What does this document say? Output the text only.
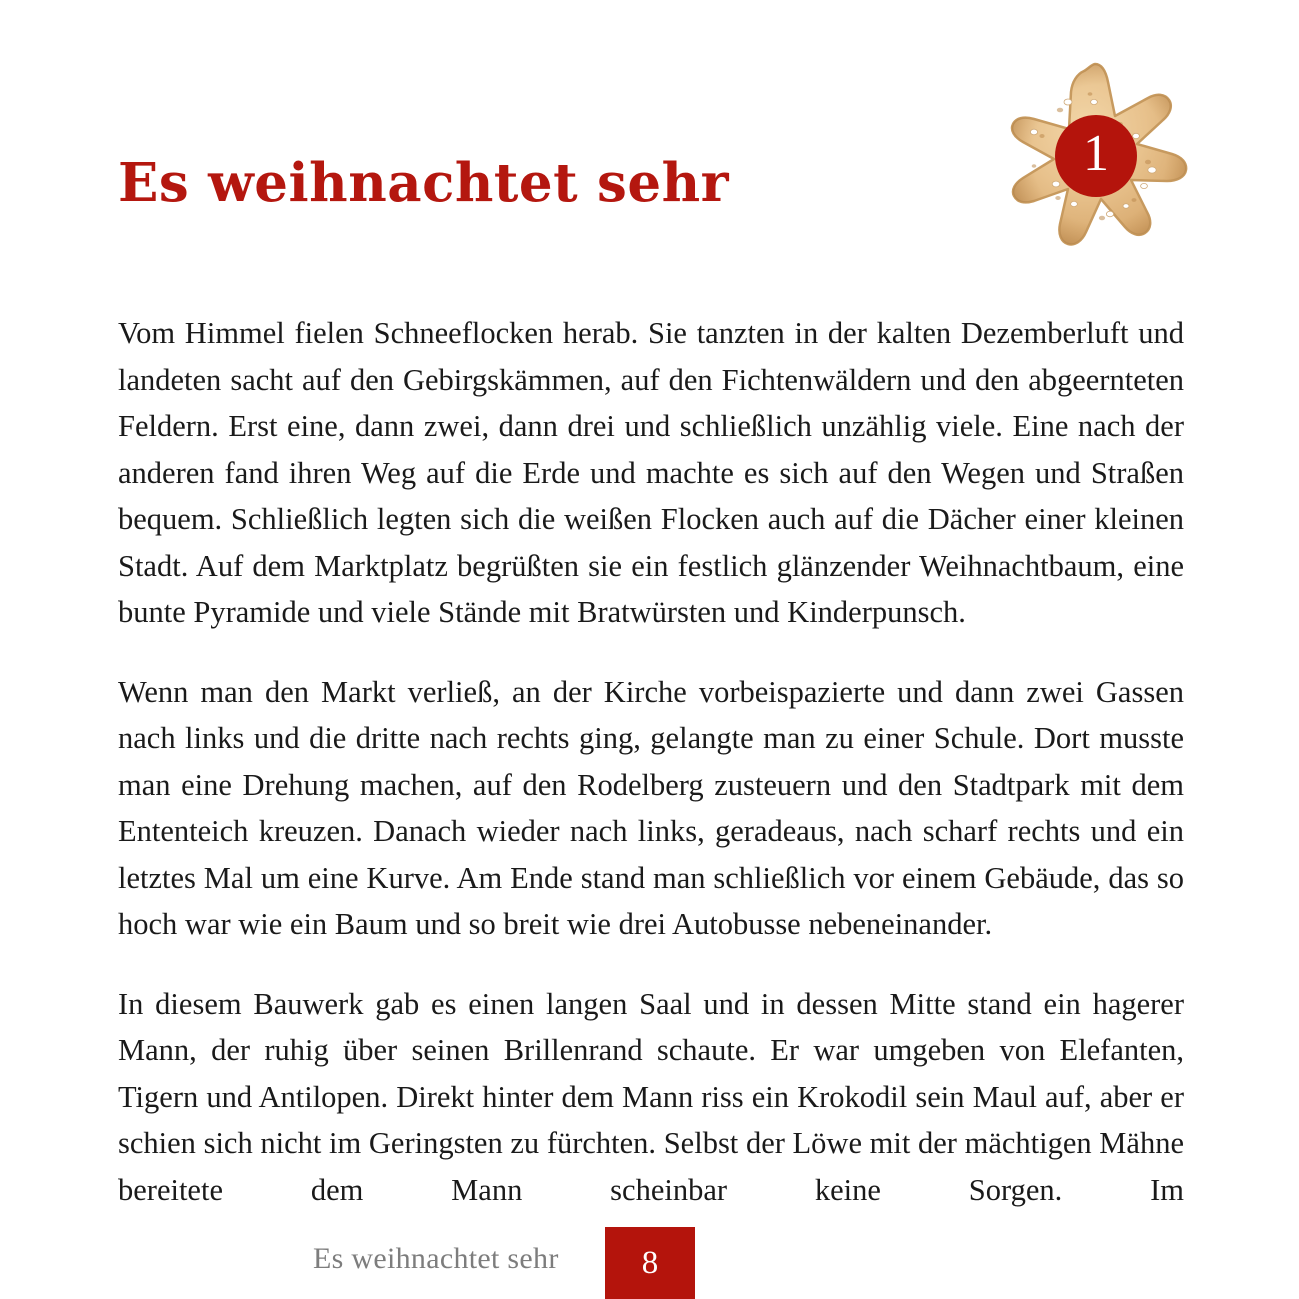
Es weihnachtet sehr	1

Vom Himmel fielen Schneeflocken herab. Sie tanzten in der kalten Dezemberluft und landeten sacht auf den Gebirgskämmen, auf den Fichtenwäldern und den abgeernteten Feldern. Erst eine, dann zwei, dann drei und schließlich unzählig viele. Eine nach der anderen fand ihren Weg auf die Erde und machte es sich auf den Wegen und Straßen bequem. Schließlich legten sich die weißen Flocken auch auf die Dächer einer kleinen Stadt. Auf dem Marktplatz begrüßten sie ein festlich glänzender Weihnachtbaum, eine bunte Pyramide und viele Stände mit Bratwürsten und Kinderpunsch.

Wenn man den Markt verließ, an der Kirche vorbeispazierte und dann zwei Gassen nach links und die dritte nach rechts ging, gelangte man zu einer Schule. Dort musste man eine Drehung machen, auf den Rodelberg zusteuern und den Stadtpark mit dem Ententeich kreuzen. Danach wieder nach links, geradeaus, nach scharf rechts und ein letztes Mal um eine Kurve. Am Ende stand man schließlich vor einem Gebäude, das so hoch war wie ein Baum und so breit wie drei Autobusse nebeneinander.

In diesem Bauwerk gab es einen langen Saal und in dessen Mitte stand ein hagerer Mann, der ruhig über seinen Brillenrand schaute. Er war umgeben von Elefanten, Tigern und Antilopen. Direkt hinter dem Mann riss ein Krokodil sein Maul auf, aber er schien sich nicht im Geringsten zu fürchten. Selbst der Löwe mit der mächtigen Mähne bereitete dem Mann scheinbar keine Sorgen. Im

Es weihnachtet sehr	8
